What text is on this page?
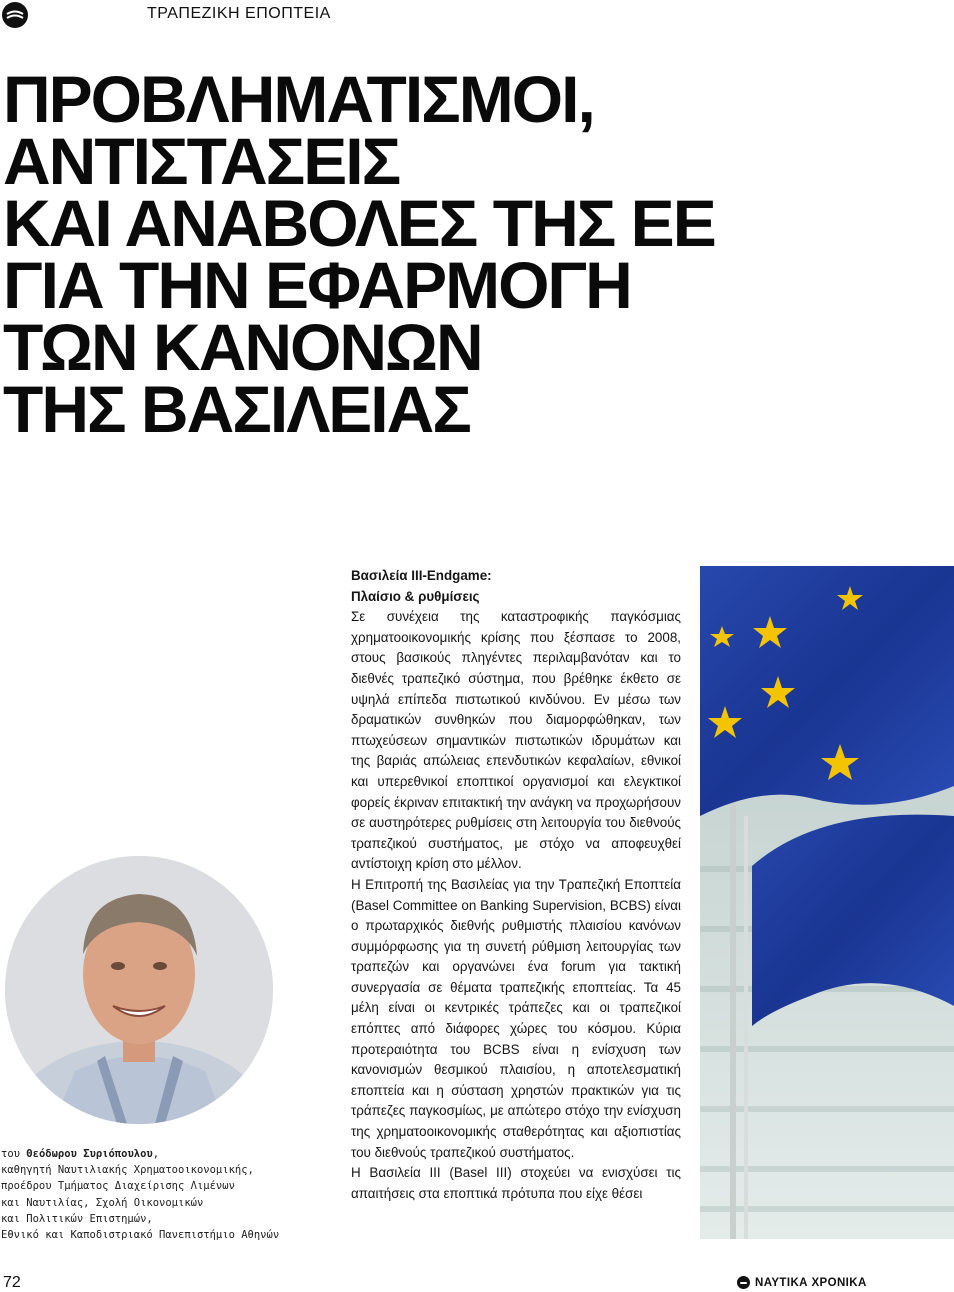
ΤΡΑΠΕΖΙΚΗ ΕΠΟΠΤΕΙΑ
ΠΡΟΒΛΗΜΑΤΙΣΜΟΙ,
ΑΝΤΙΣΤΑΣΕΙΣ
ΚΑΙ ΑΝΑΒΟΛΕΣ ΤΗΣ ΕΕ
ΓΙΑ ΤΗΝ ΕΦΑΡΜΟΓΗ
ΤΩΝ ΚΑΝΟΝΩΝ
ΤΗΣ ΒΑΣΙΛΕΙΑΣ
του Θεόδωρου Συριόπουλου,
καθηγητή Ναυτιλιακής Χρηματοοικονομικής,
προέδρου Τμήματος Διαχείρισης Λιμένων
και Ναυτιλίας, Σχολή Οικονομικών
και Πολιτικών Επιστημών,
Εθνικό και Καποδιστριακό Πανεπιστήμιο Αθηνών
Βασιλεία III-Endgame:
Πλαίσιο & ρυθμίσεις

Σε συνέχεια της καταστροφικής παγκόσμιας χρηματοοικονομικής κρίσης που ξέσπασε το 2008, στους βασικούς πληγέντες περιλαμβανόταν και το διεθνές τραπεζικό σύστημα, που βρέθηκε έκθετο σε υψηλά επίπεδα πιστωτικού κινδύνου. Εν μέσω των δραματικών συνθηκών που διαμορφώθηκαν, των πτωχεύσεων σημαντικών πιστωτικών ιδρυμάτων και της βαριάς απώλειας επενδυτικών κεφαλαίων, εθνικοί και υπερεθνικοί εποπτικοί οργανισμοί και ελεγκτικοί φορείς έκριναν επιτακτική την ανάγκη να προχωρήσουν σε αυστηρότερες ρυθμίσεις στη λειτουργία του διεθνούς τραπεζικού συστήματος, με στόχο να αποφευχθεί αντίστοιχη κρίση στο μέλλον.

Η Επιτροπή της Βασιλείας για την Τραπεζική Εποπτεία (Basel Committee on Banking Supervision, BCBS) είναι ο πρωταρχικός διεθνής ρυθμιστής πλαισίου κανόνων συμμόρφωσης για τη συνετή ρύθμιση λειτουργίας των τραπεζών και οργανώνει ένα forum για τακτική συνεργασία σε θέματα τραπεζικής εποπτείας. Τα 45 μέλη είναι οι κεντρικές τράπεζες και οι τραπεζικοί επόπτες από διάφορες χώρες του κόσμου. Κύρια προτεραιότητα του BCBS είναι η ενίσχυση των κανονισμών θεσμικού πλαισίου, η αποτελεσματική εποπτεία και η σύσταση χρηστών πρακτικών για τις τράπεζες παγκοσμίως, με απώτερο στόχο την ενίσχυση της χρηματοοικονομικής σταθερότητας και αξιοπιστίας του διεθνούς τραπεζικού συστήματος.

Η Βασιλεία III (Basel III) στοχεύει να ενισχύσει τις απαιτήσεις στα εποπτικά πρότυπα που είχε θέσει

72	ΝΑΥΤΙΚΑ ΧΡΟΝΙΚΑ
